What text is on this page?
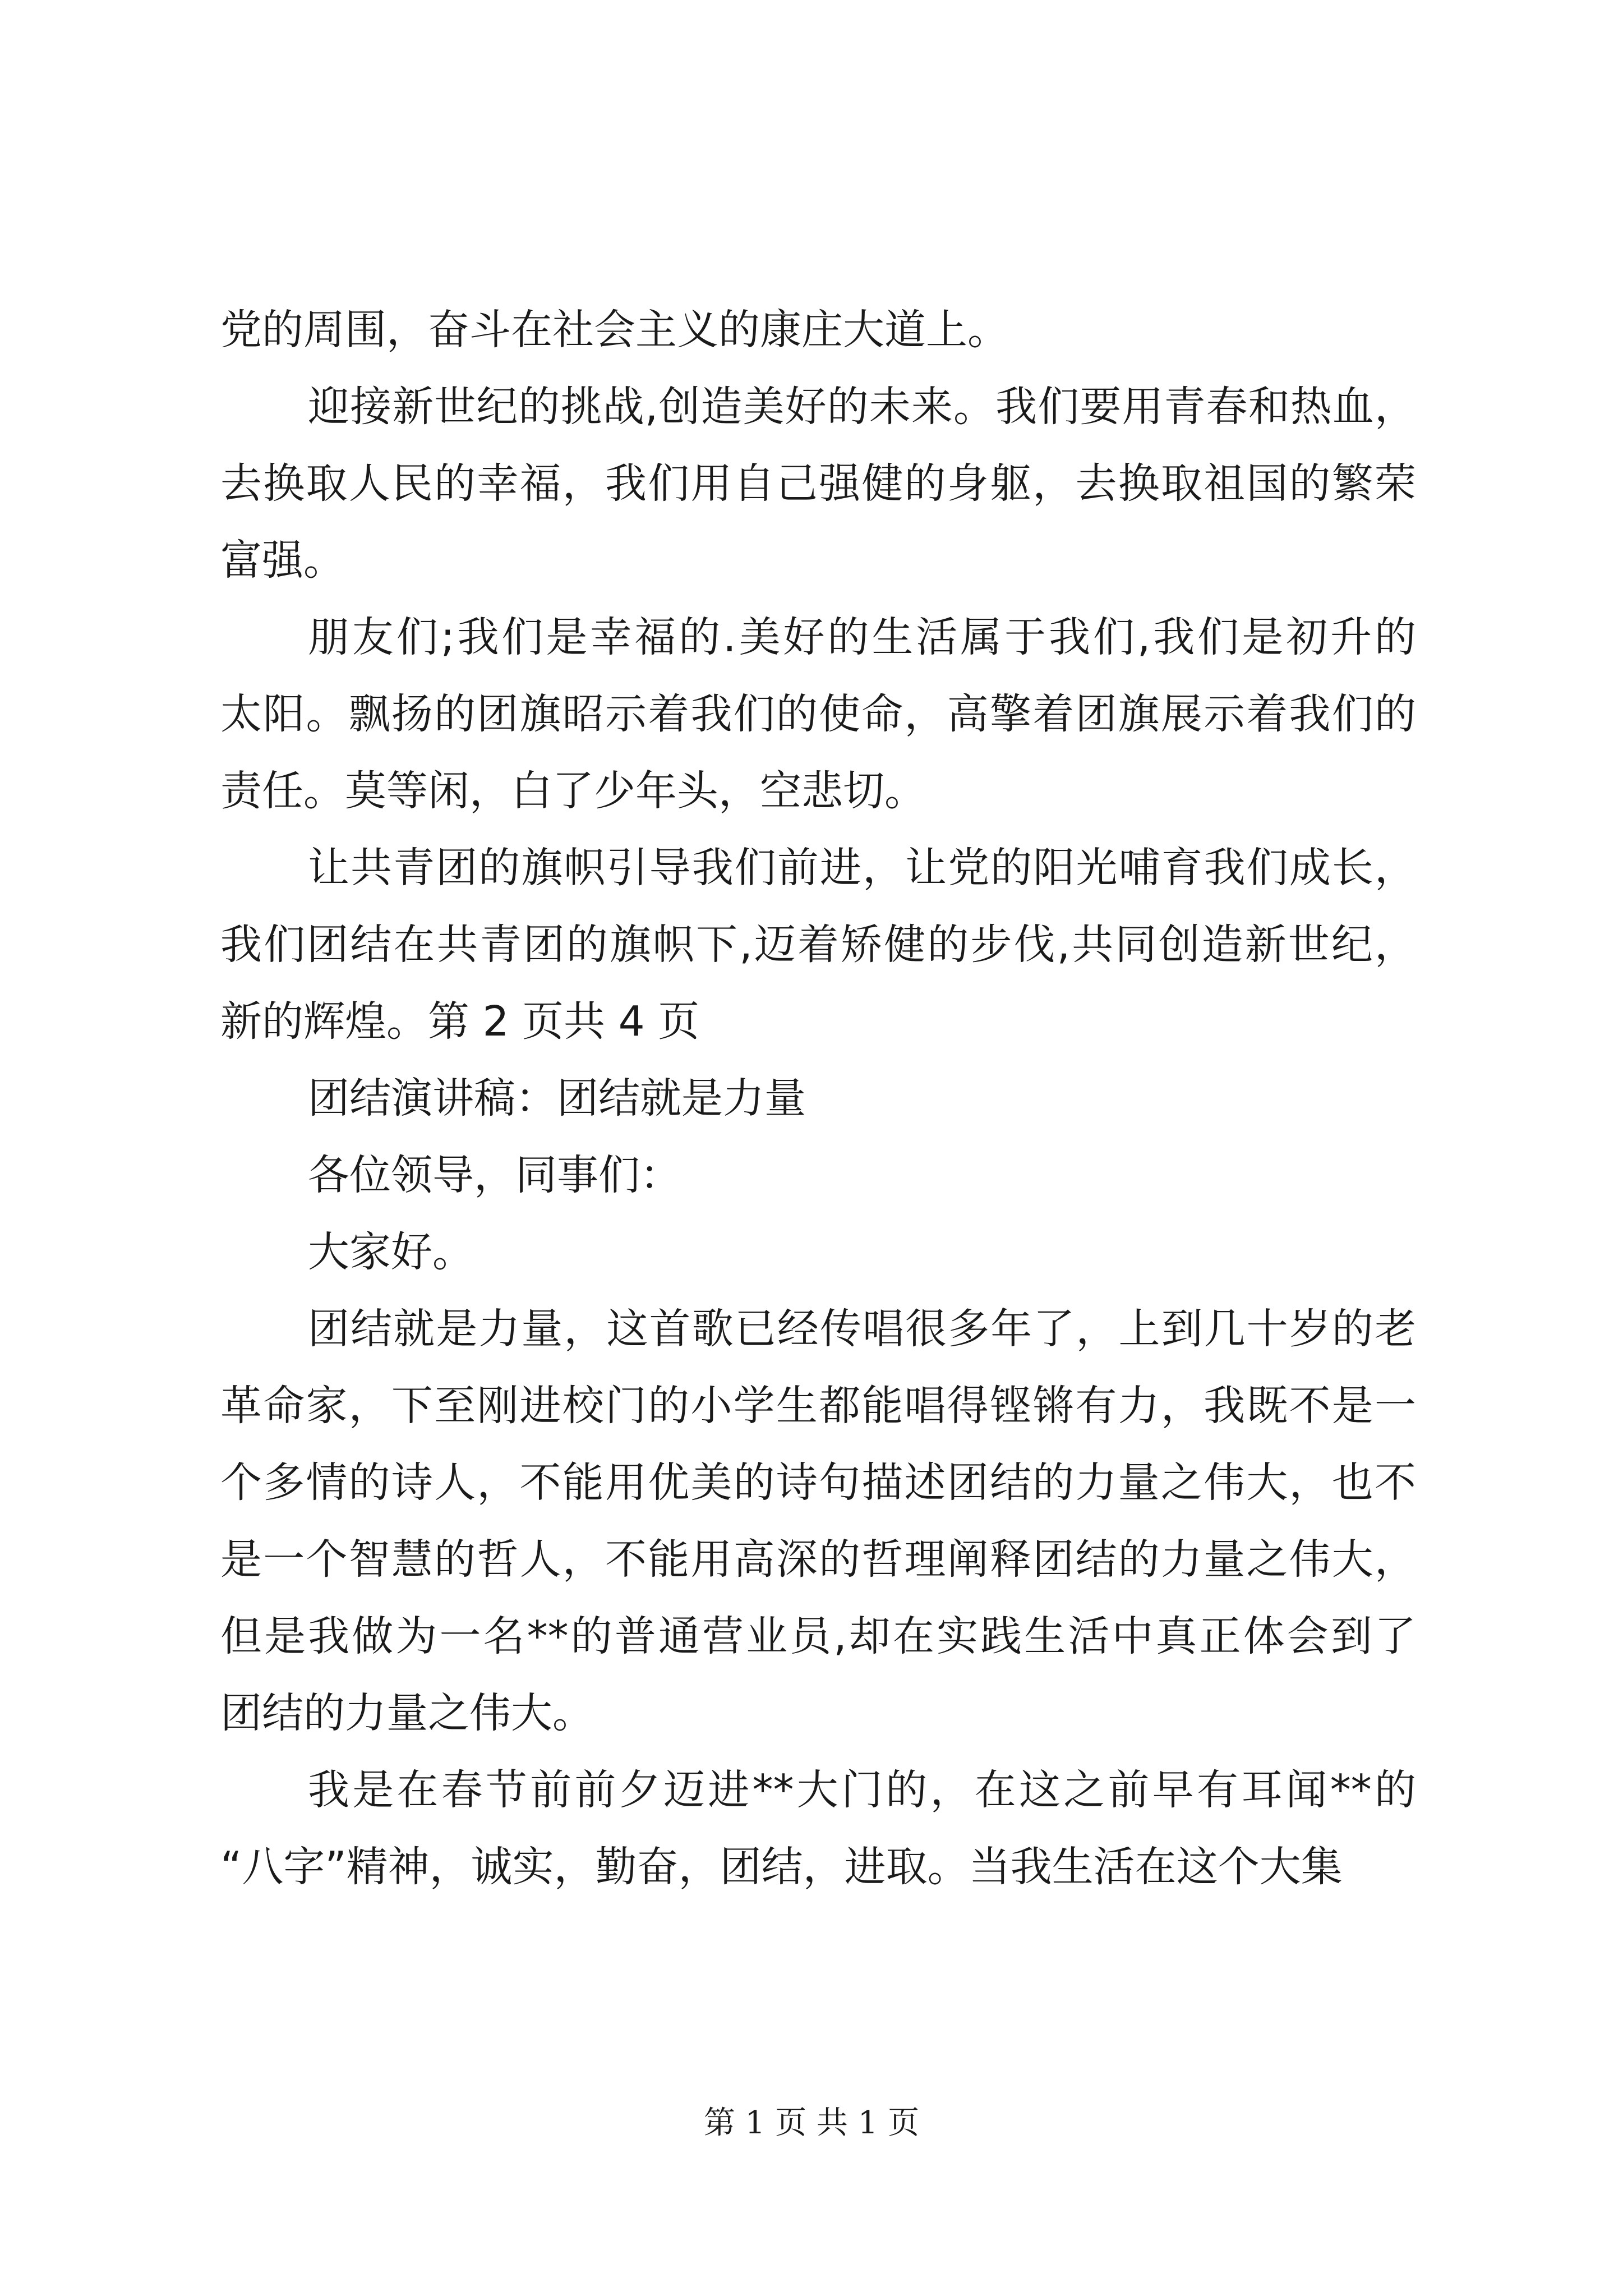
党的周围，奋斗在社会主义的康庄大道上。
迎接新世纪的挑战,创造美好的未来。我们要用青春和热血，
去换取人民的幸福，我们用自己强健的身躯，去换取祖国的繁荣
富强。
朋友们;我们是幸福的.美好的生活属于我们,我们是初升的
太阳。飘扬的团旗昭示着我们的使命，高擎着团旗展示着我们的
责任。莫等闲，白了少年头，空悲切。
让共青团的旗帜引导我们前进，让党的阳光哺育我们成长，
我们团结在共青团的旗帜下,迈着矫健的步伐,共同创造新世纪，
新的辉煌。第 2 页共 4 页
团结演讲稿：团结就是力量
各位领导，同事们：
大家好。
团结就是力量，这首歌已经传唱很多年了，上到几十岁的老
革命家，下至刚进校门的小学生都能唱得铿锵有力，我既不是一
个多情的诗人，不能用优美的诗句描述团结的力量之伟大，也不
是一个智慧的哲人，不能用高深的哲理阐释团结的力量之伟大，
但是我做为一名**的普通营业员,却在实践生活中真正体会到了
团结的力量之伟大。
我是在春节前前夕迈进**大门的，在这之前早有耳闻**的
“八字”精神，诚实，勤奋，团结，进取。当我生活在这个大集
第 1 页 共 1 页
